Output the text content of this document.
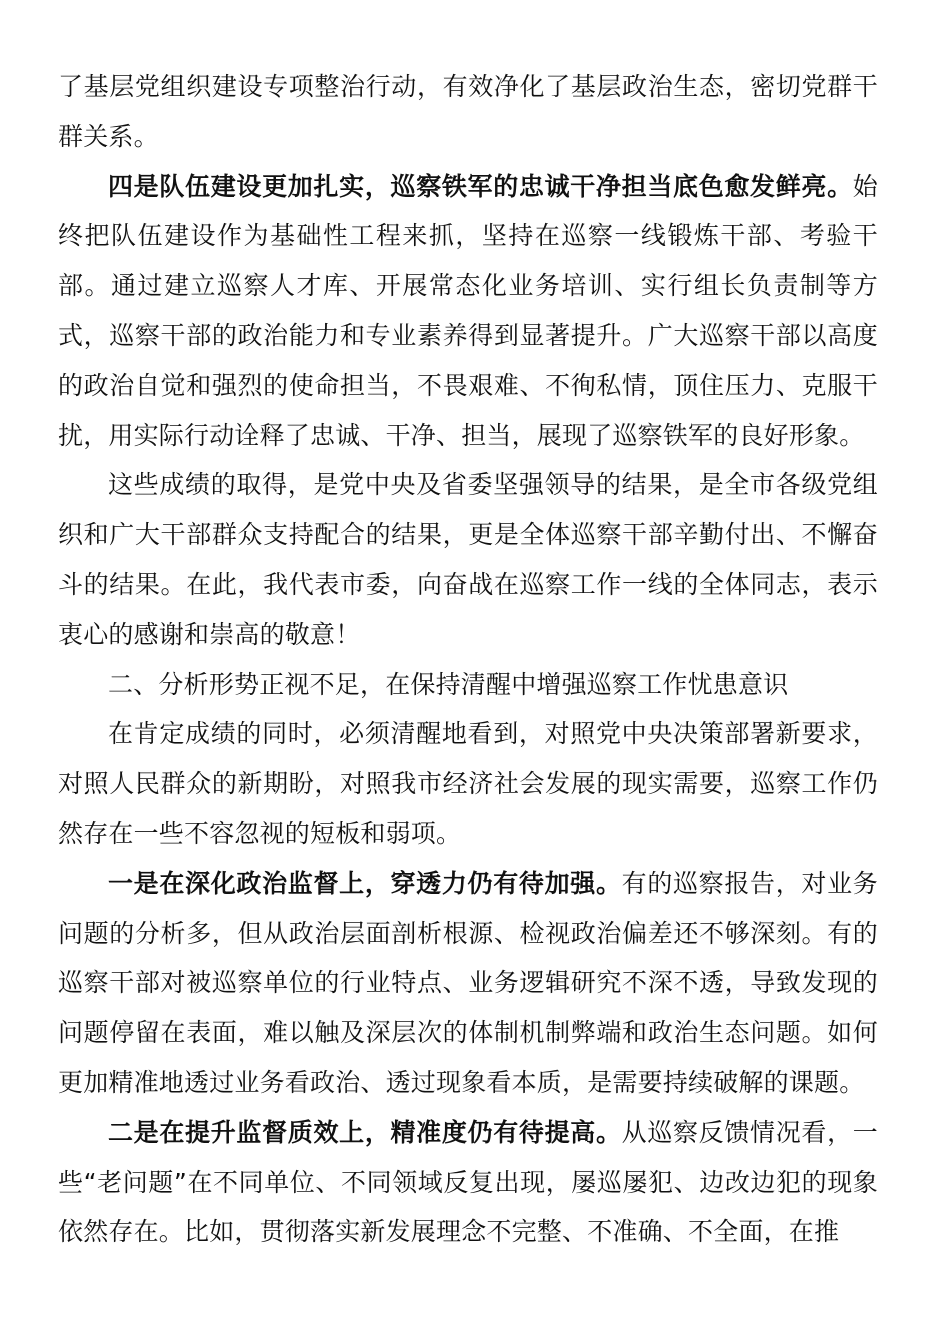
了基层党组织建设专项整治行动，有效净化了基层政治生态，密切党群干群关系。

四是队伍建设更加扎实，巡察铁军的忠诚干净担当底色愈发鲜亮。始终把队伍建设作为基础性工程来抓，坚持在巡察一线锻炼干部、考验干部。通过建立巡察人才库、开展常态化业务培训、实行组长负责制等方式，巡察干部的政治能力和专业素养得到显著提升。广大巡察干部以高度的政治自觉和强烈的使命担当，不畏艰难、不徇私情，顶住压力、克服干扰，用实际行动诠释了忠诚、干净、担当，展现了巡察铁军的良好形象。

这些成绩的取得，是党中央及省委坚强领导的结果，是全市各级党组织和广大干部群众支持配合的结果，更是全体巡察干部辛勤付出、不懈奋斗的结果。在此，我代表市委，向奋战在巡察工作一线的全体同志，表示衷心的感谢和崇高的敬意！

二、分析形势正视不足，在保持清醒中增强巡察工作忧患意识

在肯定成绩的同时，必须清醒地看到，对照党中央决策部署新要求，对照人民群众的新期盼，对照我市经济社会发展的现实需要，巡察工作仍然存在一些不容忽视的短板和弱项。

一是在深化政治监督上，穿透力仍有待加强。有的巡察报告，对业务问题的分析多，但从政治层面剖析根源、检视政治偏差还不够深刻。有的巡察干部对被巡察单位的行业特点、业务逻辑研究不深不透，导致发现的问题停留在表面，难以触及深层次的体制机制弊端和政治生态问题。如何更加精准地透过业务看政治、透过现象看本质，是需要持续破解的课题。

二是在提升监督质效上，精准度仍有待提高。从巡察反馈情况看，一些“老问题”在不同单位、不同领域反复出现，屡巡屡犯、边改边犯的现象依然存在。比如，贯彻落实新发展理念不完整、不准确、不全面，在推
